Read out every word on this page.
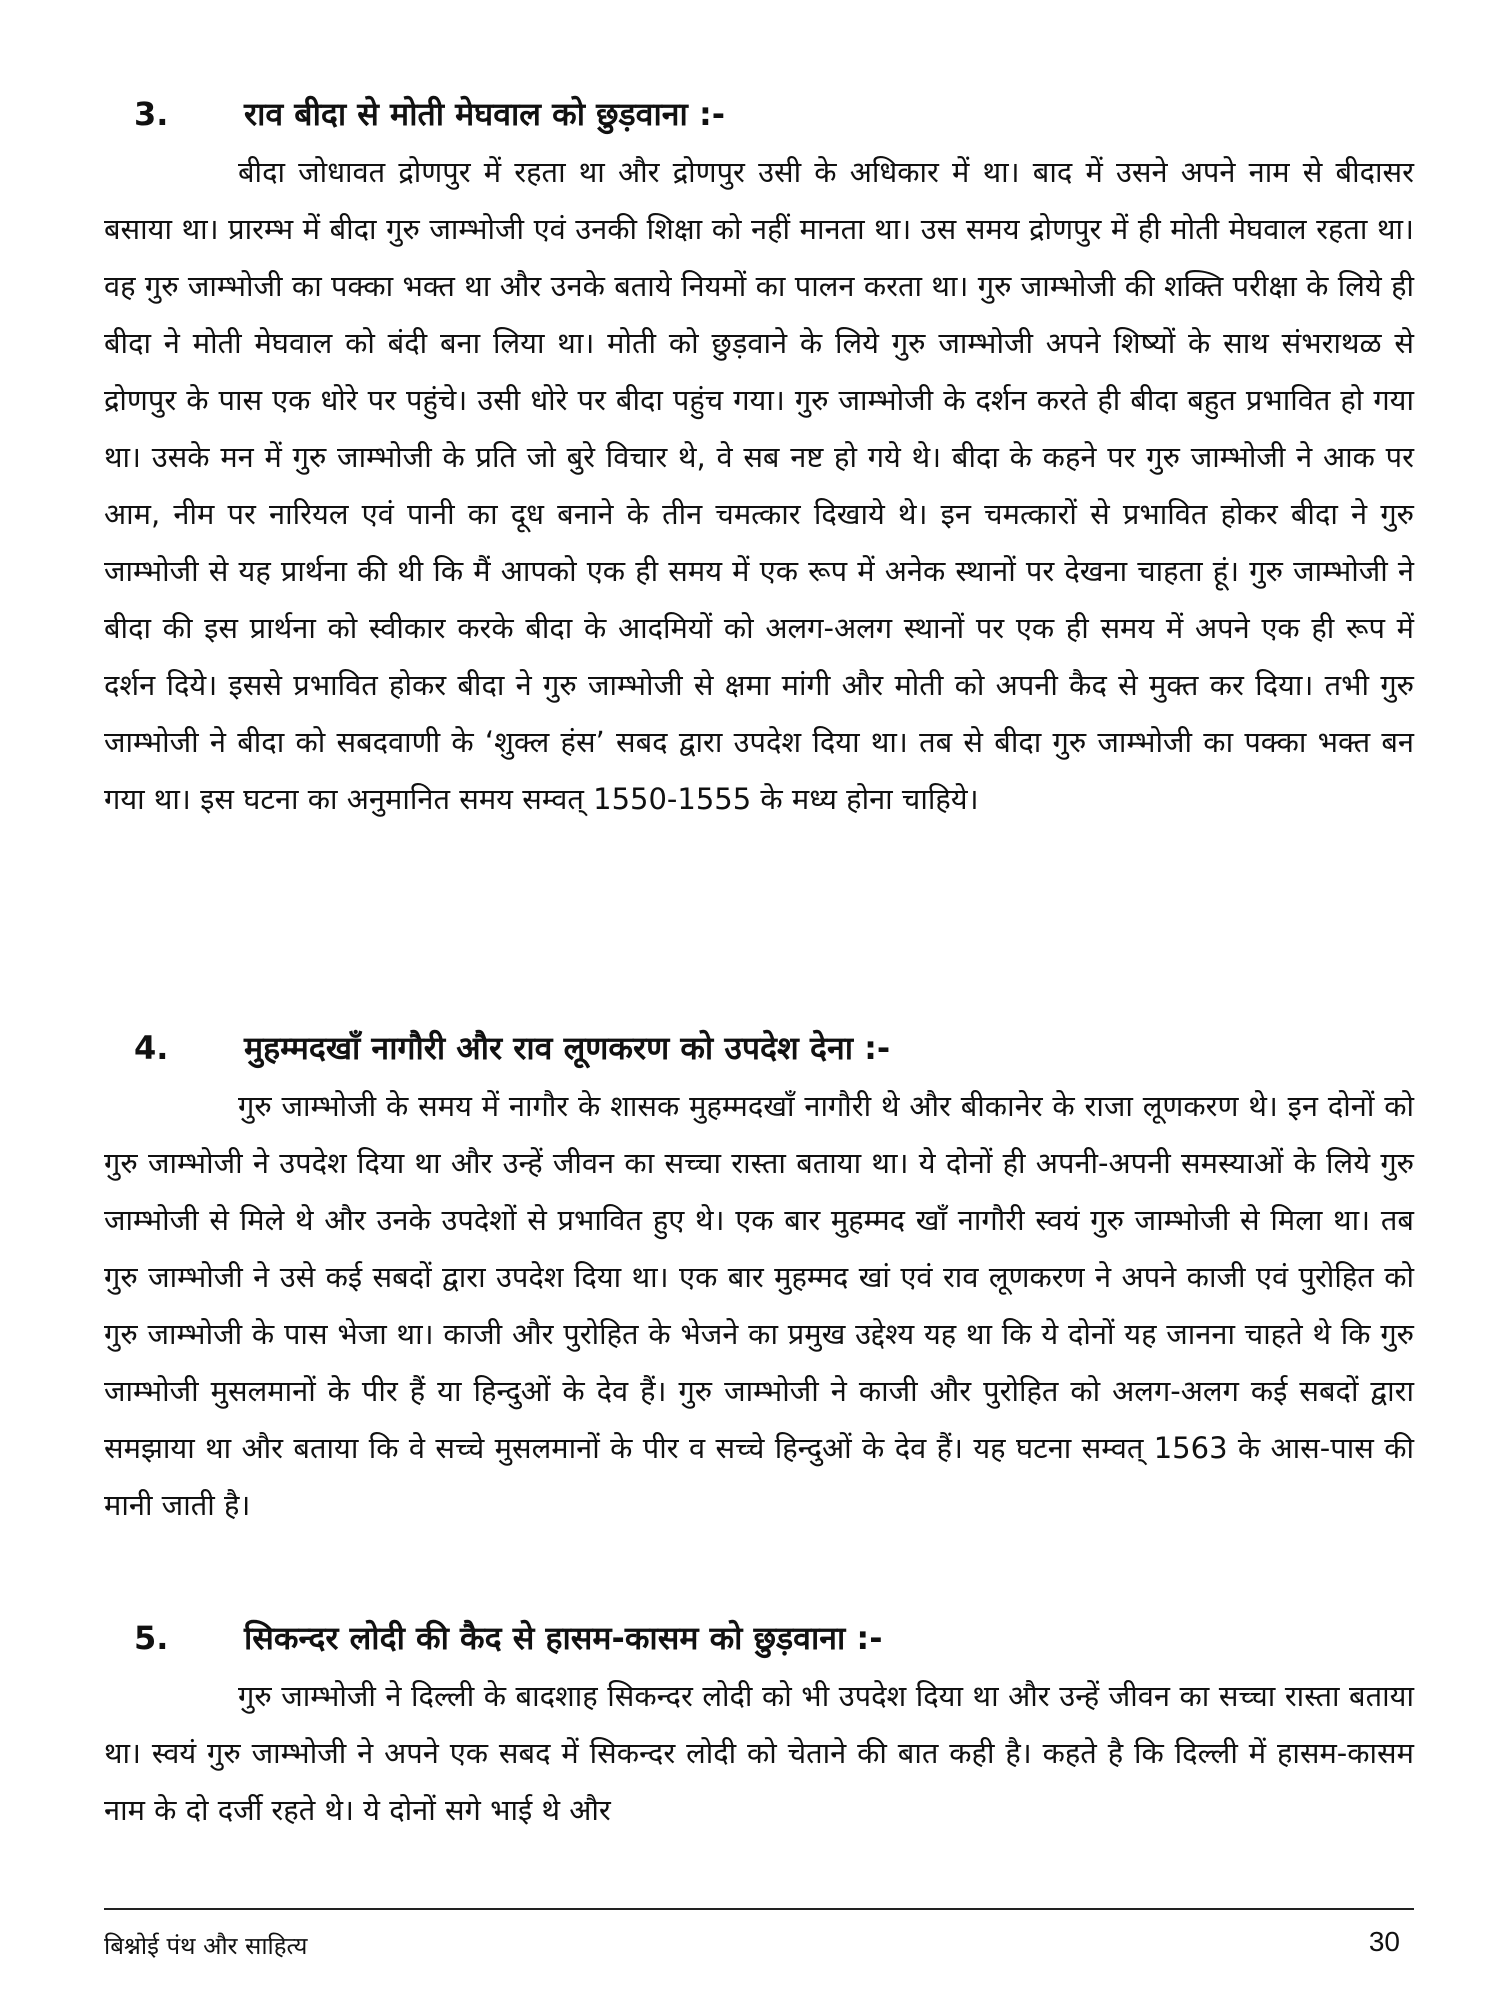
3. राव बीदा से मोती मेघवाल को छुड़वाना :-

बीदा जोधावत द्रोणपुर में रहता था और द्रोणपुर उसी के अधिकार में था। बाद में उसने अपने नाम से बीदासर बसाया था। प्रारम्भ में बीदा गुरु जाम्भोजी एवं उनकी शिक्षा को नहीं मानता था। उस समय द्रोणपुर में ही मोती मेघवाल रहता था। वह गुरु जाम्भोजी का पक्का भक्त था और उनके बताये नियमों का पालन करता था। गुरु जाम्भोजी की शक्ति परीक्षा के लिये ही बीदा ने मोती मेघवाल को बंदी बना लिया था। मोती को छुड़वाने के लिये गुरु जाम्भोजी अपने शिष्यों के साथ संभराथळ से द्रोणपुर के पास एक धोरे पर पहुंचे। उसी धोरे पर बीदा पहुंच गया। गुरु जाम्भोजी के दर्शन करते ही बीदा बहुत प्रभावित हो गया था। उसके मन में गुरु जाम्भोजी के प्रति जो बुरे विचार थे, वे सब नष्ट हो गये थे। बीदा के कहने पर गुरु जाम्भोजी ने आक पर आम, नीम पर नारियल एवं पानी का दूध बनाने के तीन चमत्कार दिखाये थे। इन चमत्कारों से प्रभावित होकर बीदा ने गुरु जाम्भोजी से यह प्रार्थना की थी कि मैं आपको एक ही समय में एक रूप में अनेक स्थानों पर देखना चाहता हूं। गुरु जाम्भोजी ने बीदा की इस प्रार्थना को स्वीकार करके बीदा के आदमियों को अलग-अलग स्थानों पर एक ही समय में अपने एक ही रूप में दर्शन दिये। इससे प्रभावित होकर बीदा ने गुरु जाम्भोजी से क्षमा मांगी और मोती को अपनी कैद से मुक्त कर दिया। तभी गुरु जाम्भोजी ने बीदा को सबदवाणी के ‘शुक्ल हंस’ सबद द्वारा उपदेश दिया था। तब से बीदा गुरु जाम्भोजी का पक्का भक्त बन गया था। इस घटना का अनुमानित समय सम्वत् 1550-1555 के मध्य होना चाहिये।

4. मुहम्मदखाँ नागौरी और राव लूणकरण को उपदेश देना :-

गुरु जाम्भोजी के समय में नागौर के शासक मुहम्मदखाँ नागौरी थे और बीकानेर के राजा लूणकरण थे। इन दोनों को गुरु जाम्भोजी ने उपदेश दिया था और उन्हें जीवन का सच्चा रास्ता बताया था। ये दोनों ही अपनी-अपनी समस्याओं के लिये गुरु जाम्भोजी से मिले थे और उनके उपदेशों से प्रभावित हुए थे। एक बार मुहम्मद खाँ नागौरी स्वयं गुरु जाम्भोजी से मिला था। तब गुरु जाम्भोजी ने उसे कई सबदों द्वारा उपदेश दिया था। एक बार मुहम्मद खां एवं राव लूणकरण ने अपने काजी एवं पुरोहित को गुरु जाम्भोजी के पास भेजा था। काजी और पुरोहित के भेजने का प्रमुख उद्देश्य यह था कि ये दोनों यह जानना चाहते थे कि गुरु जाम्भोजी मुसलमानों के पीर हैं या हिन्दुओं के देव हैं। गुरु जाम्भोजी ने काजी और पुरोहित को अलग-अलग कई सबदों द्वारा समझाया था और बताया कि वे सच्चे मुसलमानों के पीर व सच्चे हिन्दुओं के देव हैं। यह घटना सम्वत् 1563 के आस-पास की मानी जाती है।

5. सिकन्दर लोदी की कैद से हासम-कासम को छुड़वाना :-

गुरु जाम्भोजी ने दिल्ली के बादशाह सिकन्दर लोदी को भी उपदेश दिया था और उन्हें जीवन का सच्चा रास्ता बताया था। स्वयं गुरु जाम्भोजी ने अपने एक सबद में सिकन्दर लोदी को चेताने की बात कही है। कहते है कि दिल्ली में हासम-कासम नाम के दो दर्जी रहते थे। ये दोनों सगे भाई थे और

बिश्नोई पंथ और साहित्य	30
